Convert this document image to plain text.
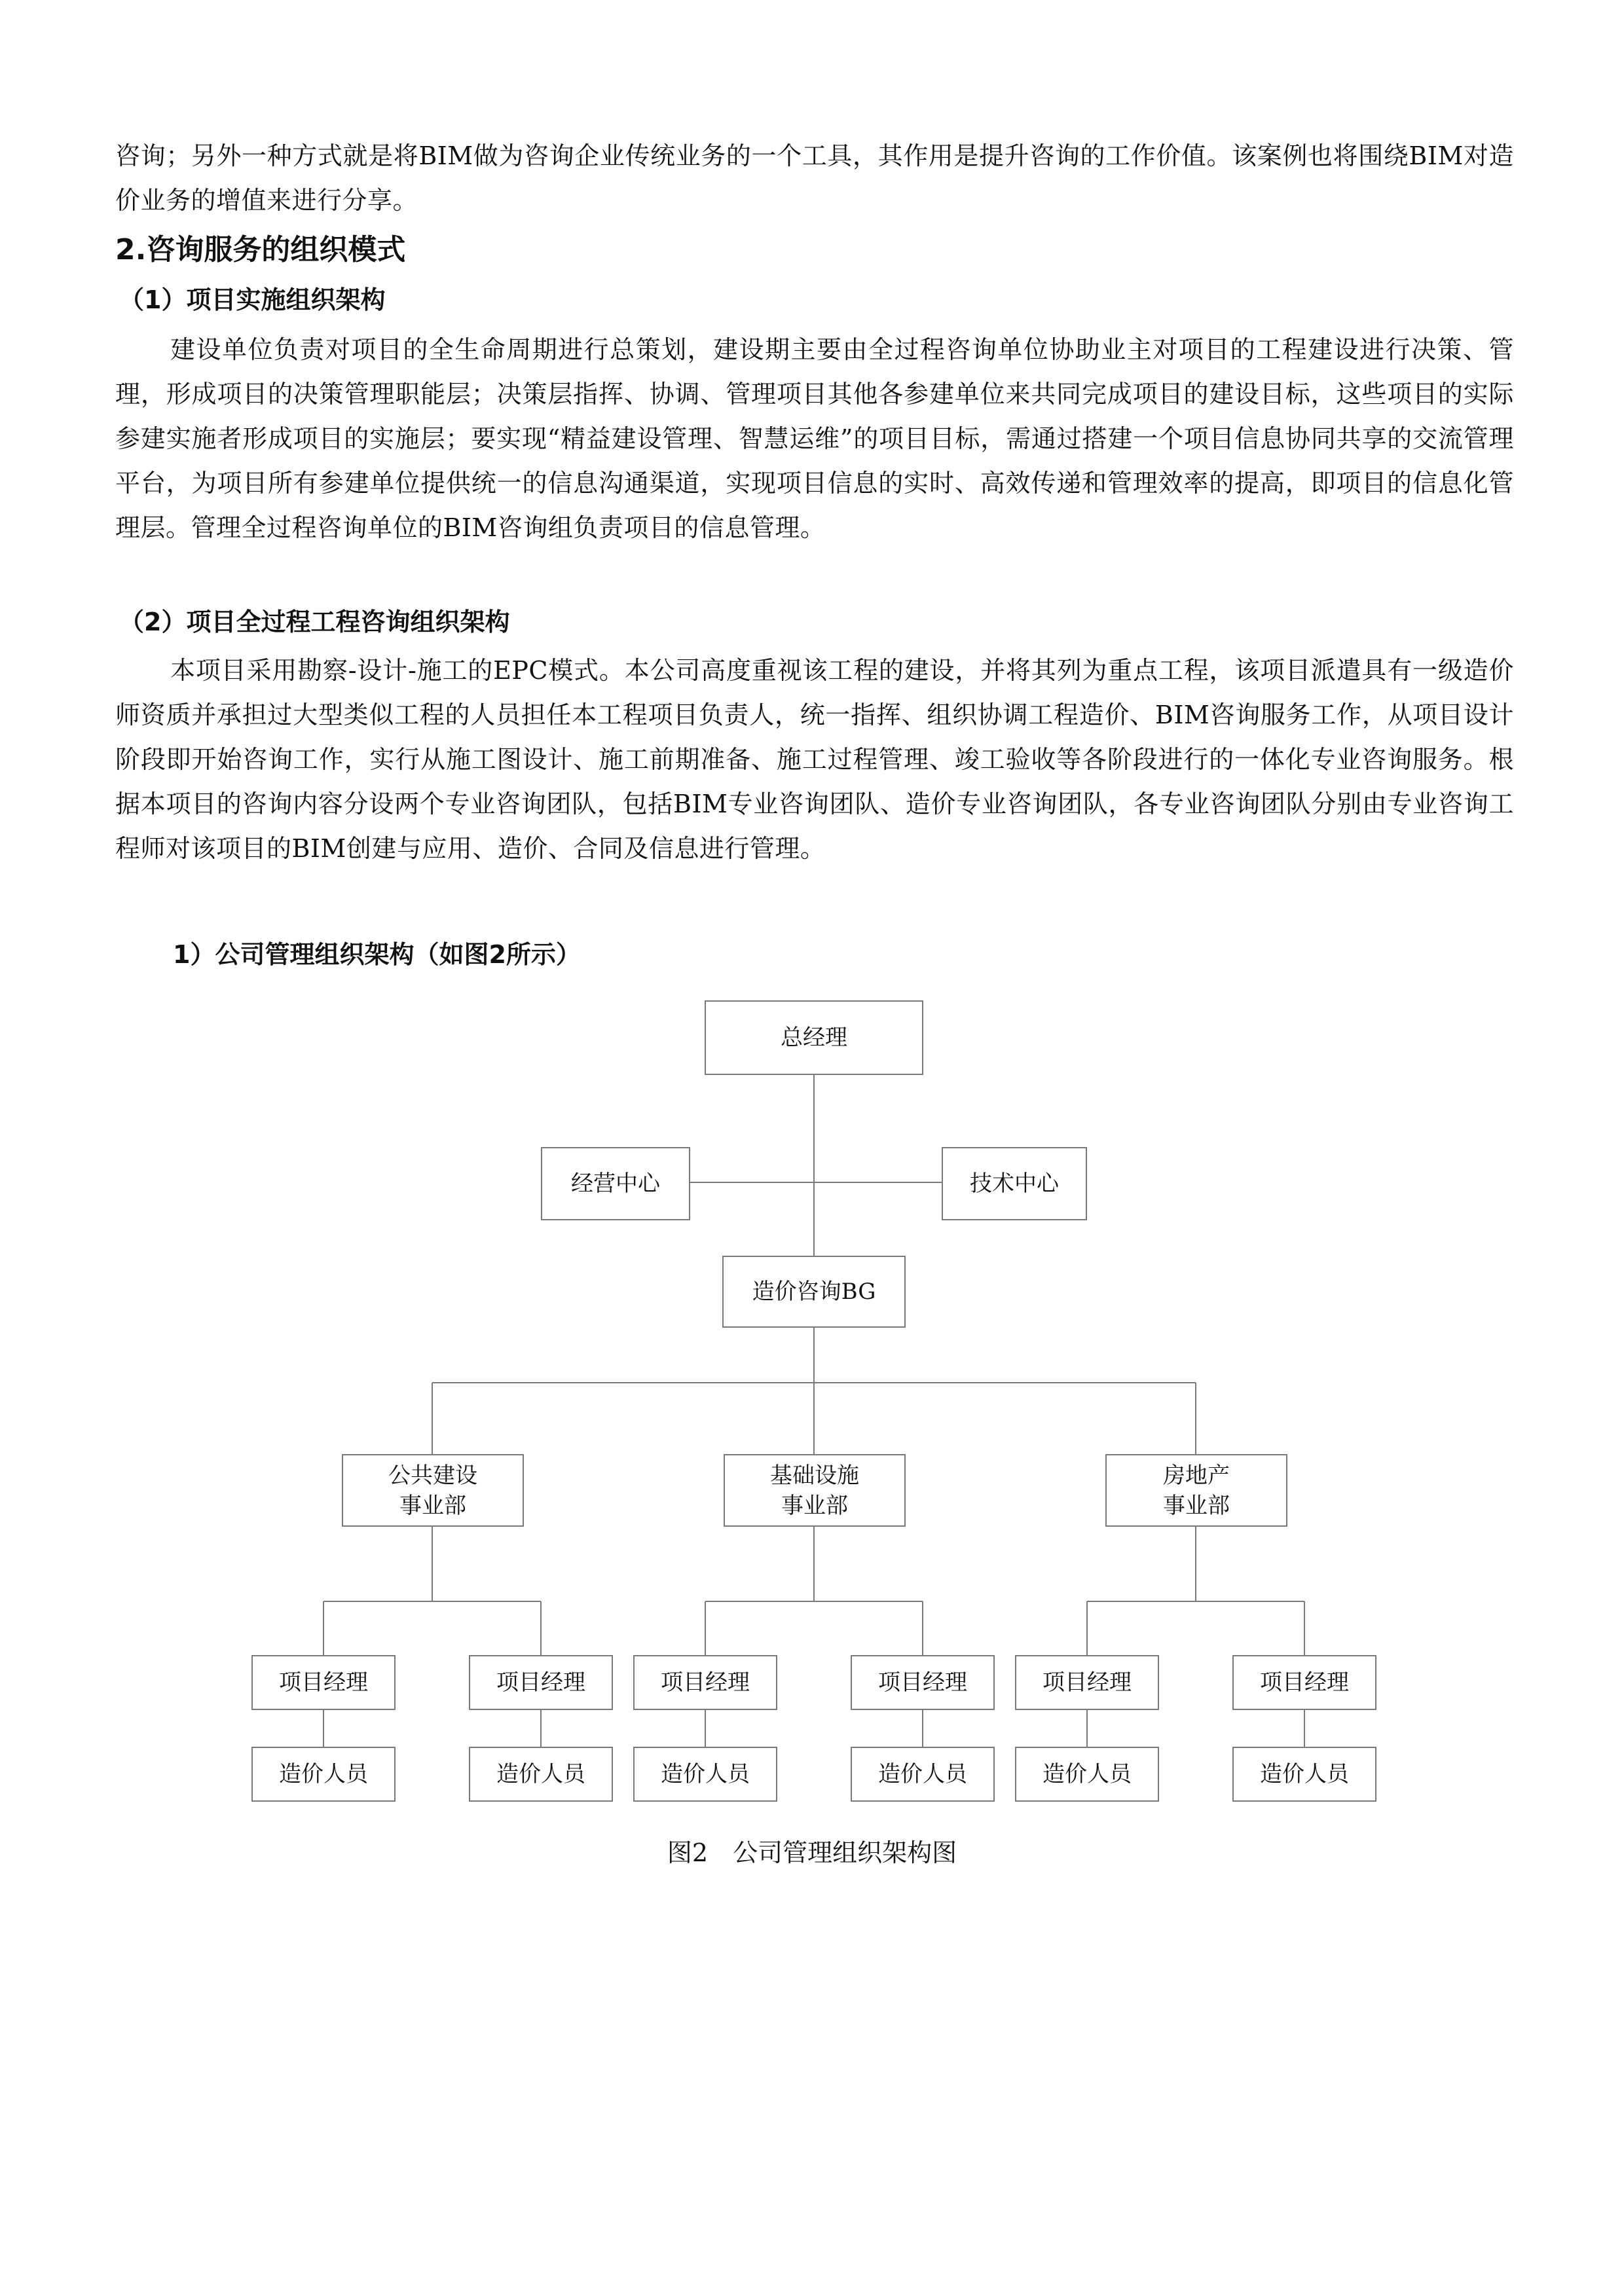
咨询；另外一种方式就是将BIM做为咨询企业传统业务的一个工具，其作用是提升咨询的工作价值。该案例也将围绕BIM对造价业务的增值来进行分享。

2.咨询服务的组织模式
（1）项目实施组织架构

建设单位负责对项目的全生命周期进行总策划，建设期主要由全过程咨询单位协助业主对项目的工程建设进行决策、管理，形成项目的决策管理职能层；决策层指挥、协调、管理项目其他各参建单位来共同完成项目的建设目标，这些项目的实际参建实施者形成项目的实施层；要实现“精益建设管理、智慧运维”的项目目标，需通过搭建一个项目信息协同共享的交流管理平台，为项目所有参建单位提供统一的信息沟通渠道，实现项目信息的实时、高效传递和管理效率的提高，即项目的信息化管理层。管理全过程咨询单位的BIM咨询组负责项目的信息管理。

（2）项目全过程工程咨询组织架构

本项目采用勘察-设计-施工的EPC模式。本公司高度重视该工程的建设，并将其列为重点工程，该项目派遣具有一级造价师资质并承担过大型类似工程的人员担任本工程项目负责人，统一指挥、组织协调工程造价、BIM咨询服务工作，从项目设计阶段即开始咨询工作，实行从施工图设计、施工前期准备、施工过程管理、竣工验收等各阶段进行的一体化专业咨询服务。根据本项目的咨询内容分设两个专业咨询团队，包括BIM专业咨询团队、造价专业咨询团队，各专业咨询团队分别由专业咨询工程师对该项目的BIM创建与应用、造价、合同及信息进行管理。

1）公司管理组织架构（如图2所示）
总经理
经营中心	技术中心
造价咨询BG
公共建设
事业部
基础设施
事业部
房地产
事业部
项目经理	项目经理	项目经理	项目经理	项目经理	项目经理
造价人员	造价人员	造价人员	造价人员	造价人员	造价人员
图2　公司管理组织架构图
